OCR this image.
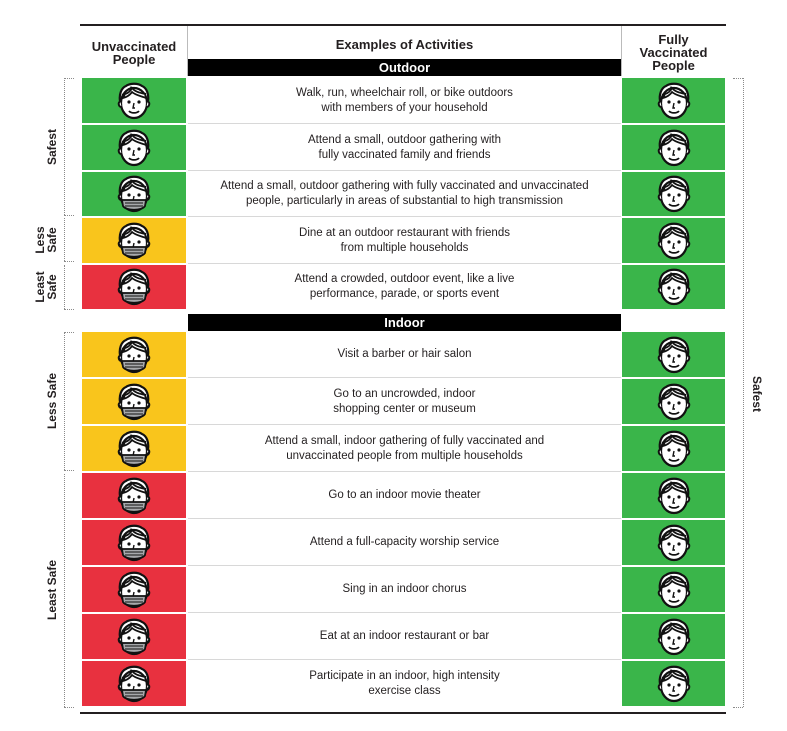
Unvaccinated
People
Examples of Activities	Fully
Vaccinated
People
Outdoor
Indoor
Walk, run, wheelchair roll, or bike outdoors
with members of your household
Attend a small, outdoor gathering with
fully vaccinated family and friends
Attend a small, outdoor gathering with fully vaccinated and unvaccinated
people, particularly in areas of substantial to high transmission
Dine at an outdoor restaurant with friends
from multiple households
Attend a crowded, outdoor event, like a live
performance, parade, or sports event
Visit a barber or hair salon
Go to an uncrowded, indoor
shopping center or museum
Attend a small, indoor gathering of fully vaccinated and
unvaccinated people from multiple households
Go to an indoor movie theater
Attend a full-capacity worship service
Sing in an indoor chorus
Eat at an indoor restaurant or bar
Participate in an indoor, high intensity
exercise class
Safest
Less
Safe
Least
Safe
Less Safe
Least Safe
Safest
